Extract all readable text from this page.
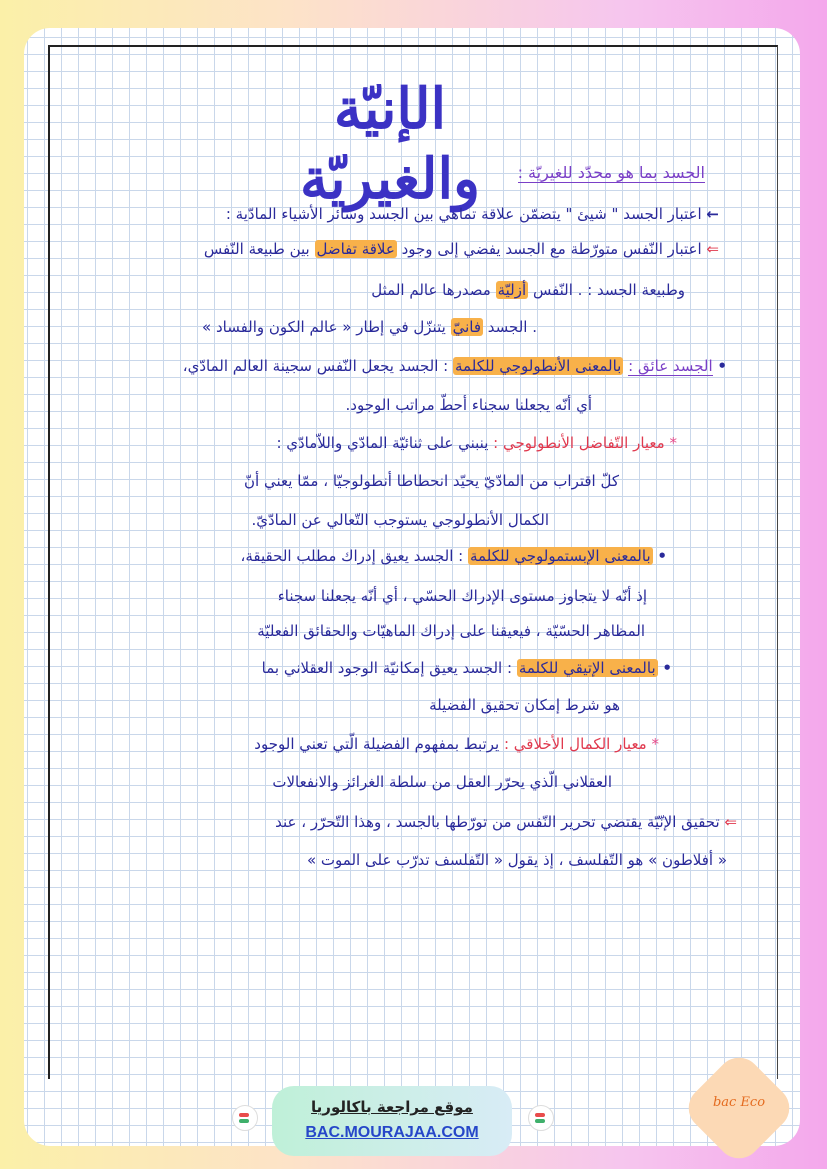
الإنيّة والغيريّة	الجسد بما هو محدّد للغيريّة :
← اعتبار الجسد " شيئ " يتضمّن علاقة تماهي بين الجسد وسائر الأشياء المادّية :
⇐ اعتبار النّفس متورّطة مع الجسد يفضي إلى وجود علاقة تفاضل بين طبيعة النّفس
وطبيعة الجسد : . النّفس أزليّة مصدرها عالم المثل
. الجسد فانيّ يتنزّل في إطار « عالم الكون والفساد »
• الجسد عائق : بالمعنى الأنطولوجي للكلمة : الجسد يجعل النّفس سجينة العالم المادّي،
أي أنّه يجعلنا سجناء أحطّ مراتب الوجود.
* معيار التّفاضل الأنطولوجي : ينبني على ثنائيّة المادّي واللاّمادّي :
كلّ اقتراب من المادّيّ يحيّد انحطاطا أنطولوجيّا ، ممّا يعني أنّ
الكمال الأنطولوجي يستوجب التّعالي عن المادّيّ.
• بالمعنى الإبستمولوجي للكلمة : الجسد يعيق إدراك مطلب الحقيقة،
إذ أنّه لا يتجاوز مستوى الإدراك الحسّي ، أي أنّه يجعلنا سجناء
المظاهر الحسّيّة ، فيعيقنا على إدراك الماهيّات والحقائق الفعليّة
• بالمعنى الإتيقي للكلمة : الجسد يعيق إمكانيّة الوجود العقلاني بما
هو شرط إمكان تحقيق الفضيلة
* معيار الكمال الأخلاقي : يرتبط بمفهوم الفضيلة الّتي تعني الوجود
العقلاني الّذي يحرّر العقل من سلطة الغرائز والانفعالات
⇐ تحقيق الإنّيّة يقتضي تحرير النّفس من تورّطها بالجسد ، وهذا التّحرّر ، عند
« أفلاطون » هو التّفلسف ، إذ يقول « التّفلسف تدرّب على الموت »
موقع مراجعة باكالوريا
BAC.MOURAJAA.COM
bac Eco
